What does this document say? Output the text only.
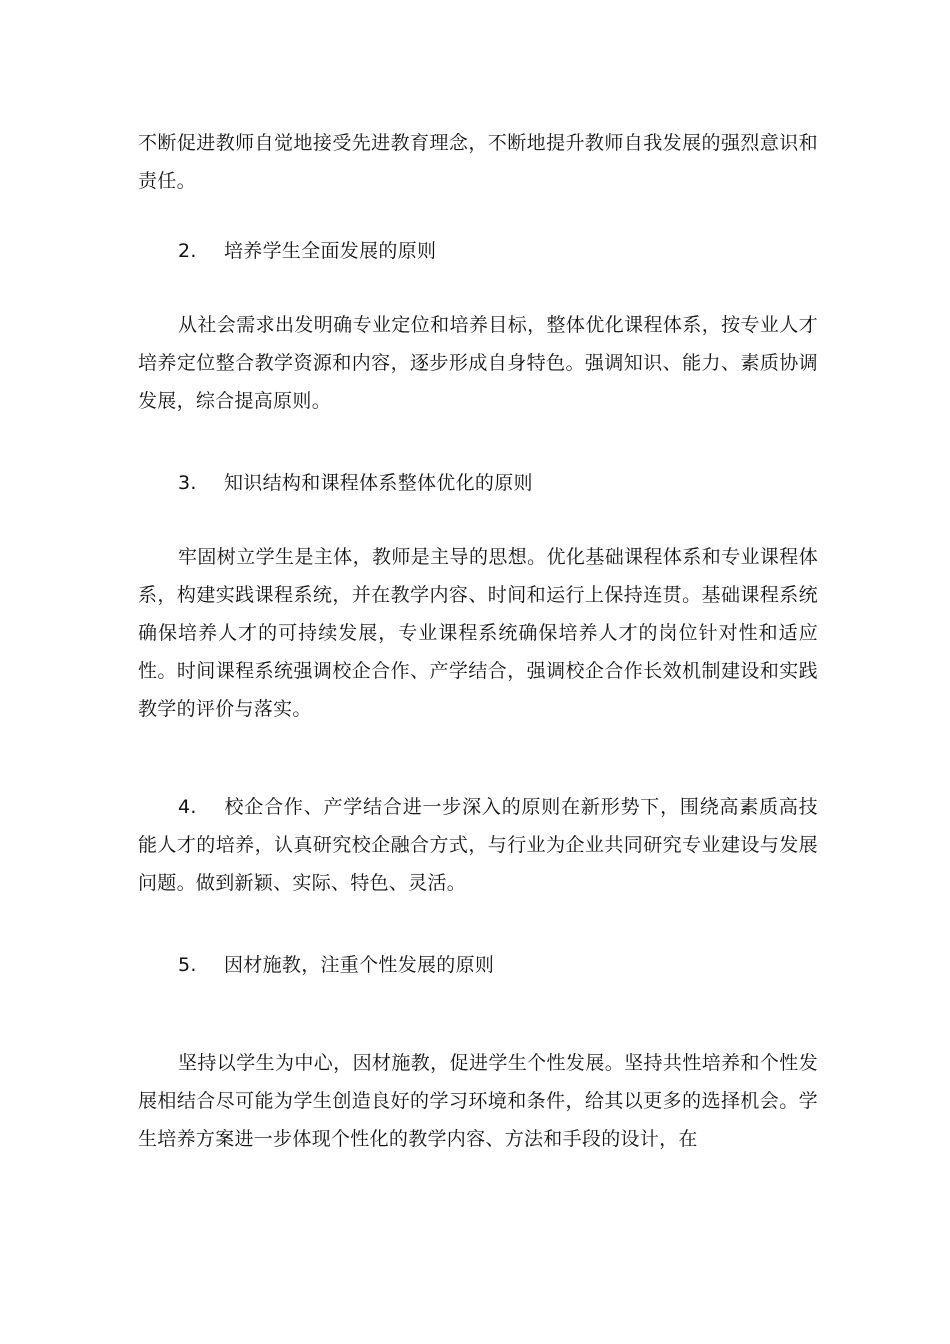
不断促进教师自觉地接受先进教育理念，不断地提升教师自我发展的强烈意识和责任。

2. 培养学生全面发展的原则

从社会需求出发明确专业定位和培养目标，整体优化课程体系，按专业人才培养定位整合教学资源和内容，逐步形成自身特色。强调知识、能力、素质协调发展，综合提高原则。

3. 知识结构和课程体系整体优化的原则

牢固树立学生是主体，教师是主导的思想。优化基础课程体系和专业课程体系，构建实践课程系统，并在教学内容、时间和运行上保持连贯。基础课程系统确保培养人才的可持续发展，专业课程系统确保培养人才的岗位针对性和适应性。时间课程系统强调校企合作、产学结合，强调校企合作长效机制建设和实践教学的评价与落实。

4. 校企合作、产学结合进一步深入的原则在新形势下，围绕高素质高技能人才的培养，认真研究校企融合方式，与行业为企业共同研究专业建设与发展问题。做到新颖、实际、特色、灵活。

5. 因材施教，注重个性发展的原则

坚持以学生为中心，因材施教，促进学生个性发展。坚持共性培养和个性发展相结合尽可能为学生创造良好的学习环境和条件，给其以更多的选择机会。学生培养方案进一步体现个性化的教学内容、方法和手段的设计，在
